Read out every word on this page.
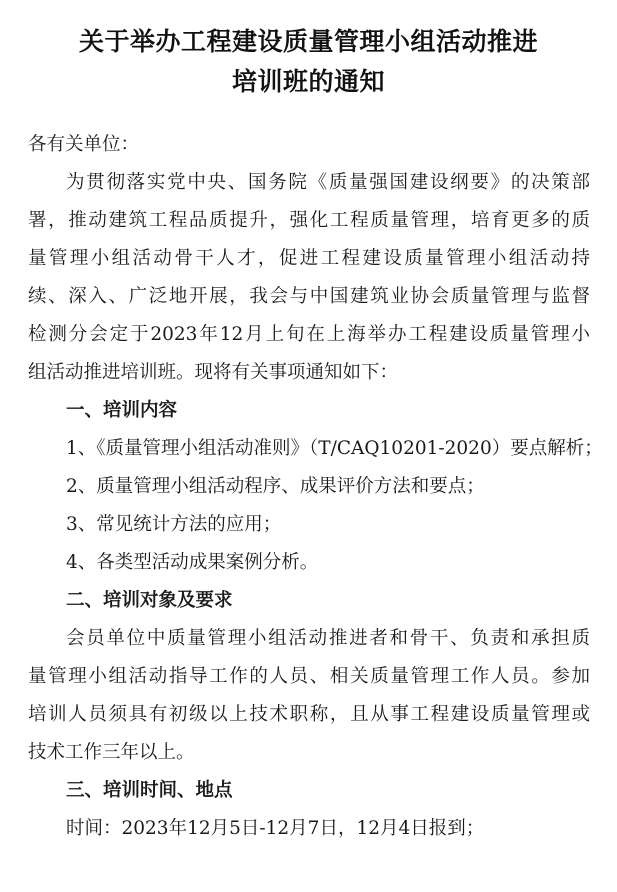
关于举办工程建设质量管理小组活动推进
培训班的通知
各有关单位：
为贯彻落实党中央、国务院《质量强国建设纲要》的决策部
署，推动建筑工程品质提升，强化工程质量管理，培育更多的质
量管理小组活动骨干人才，促进工程建设质量管理小组活动持
续、深入、广泛地开展，我会与中国建筑业协会质量管理与监督
检测分会定于2023年12月上旬在上海举办工程建设质量管理小
组活动推进培训班。现将有关事项通知如下：
一、培训内容
1、《质量管理小组活动准则》（T/CAQ10201-2020）要点解析；
2、质量管理小组活动程序、成果评价方法和要点；
3、常见统计方法的应用；
4、各类型活动成果案例分析。
二、培训对象及要求
会员单位中质量管理小组活动推进者和骨干、负责和承担质
量管理小组活动指导工作的人员、相关质量管理工作人员。参加
培训人员须具有初级以上技术职称，且从事工程建设质量管理或
技术工作三年以上。
三、培训时间、地点
时间：2023年12月5日-12月7日，12月4日报到；
